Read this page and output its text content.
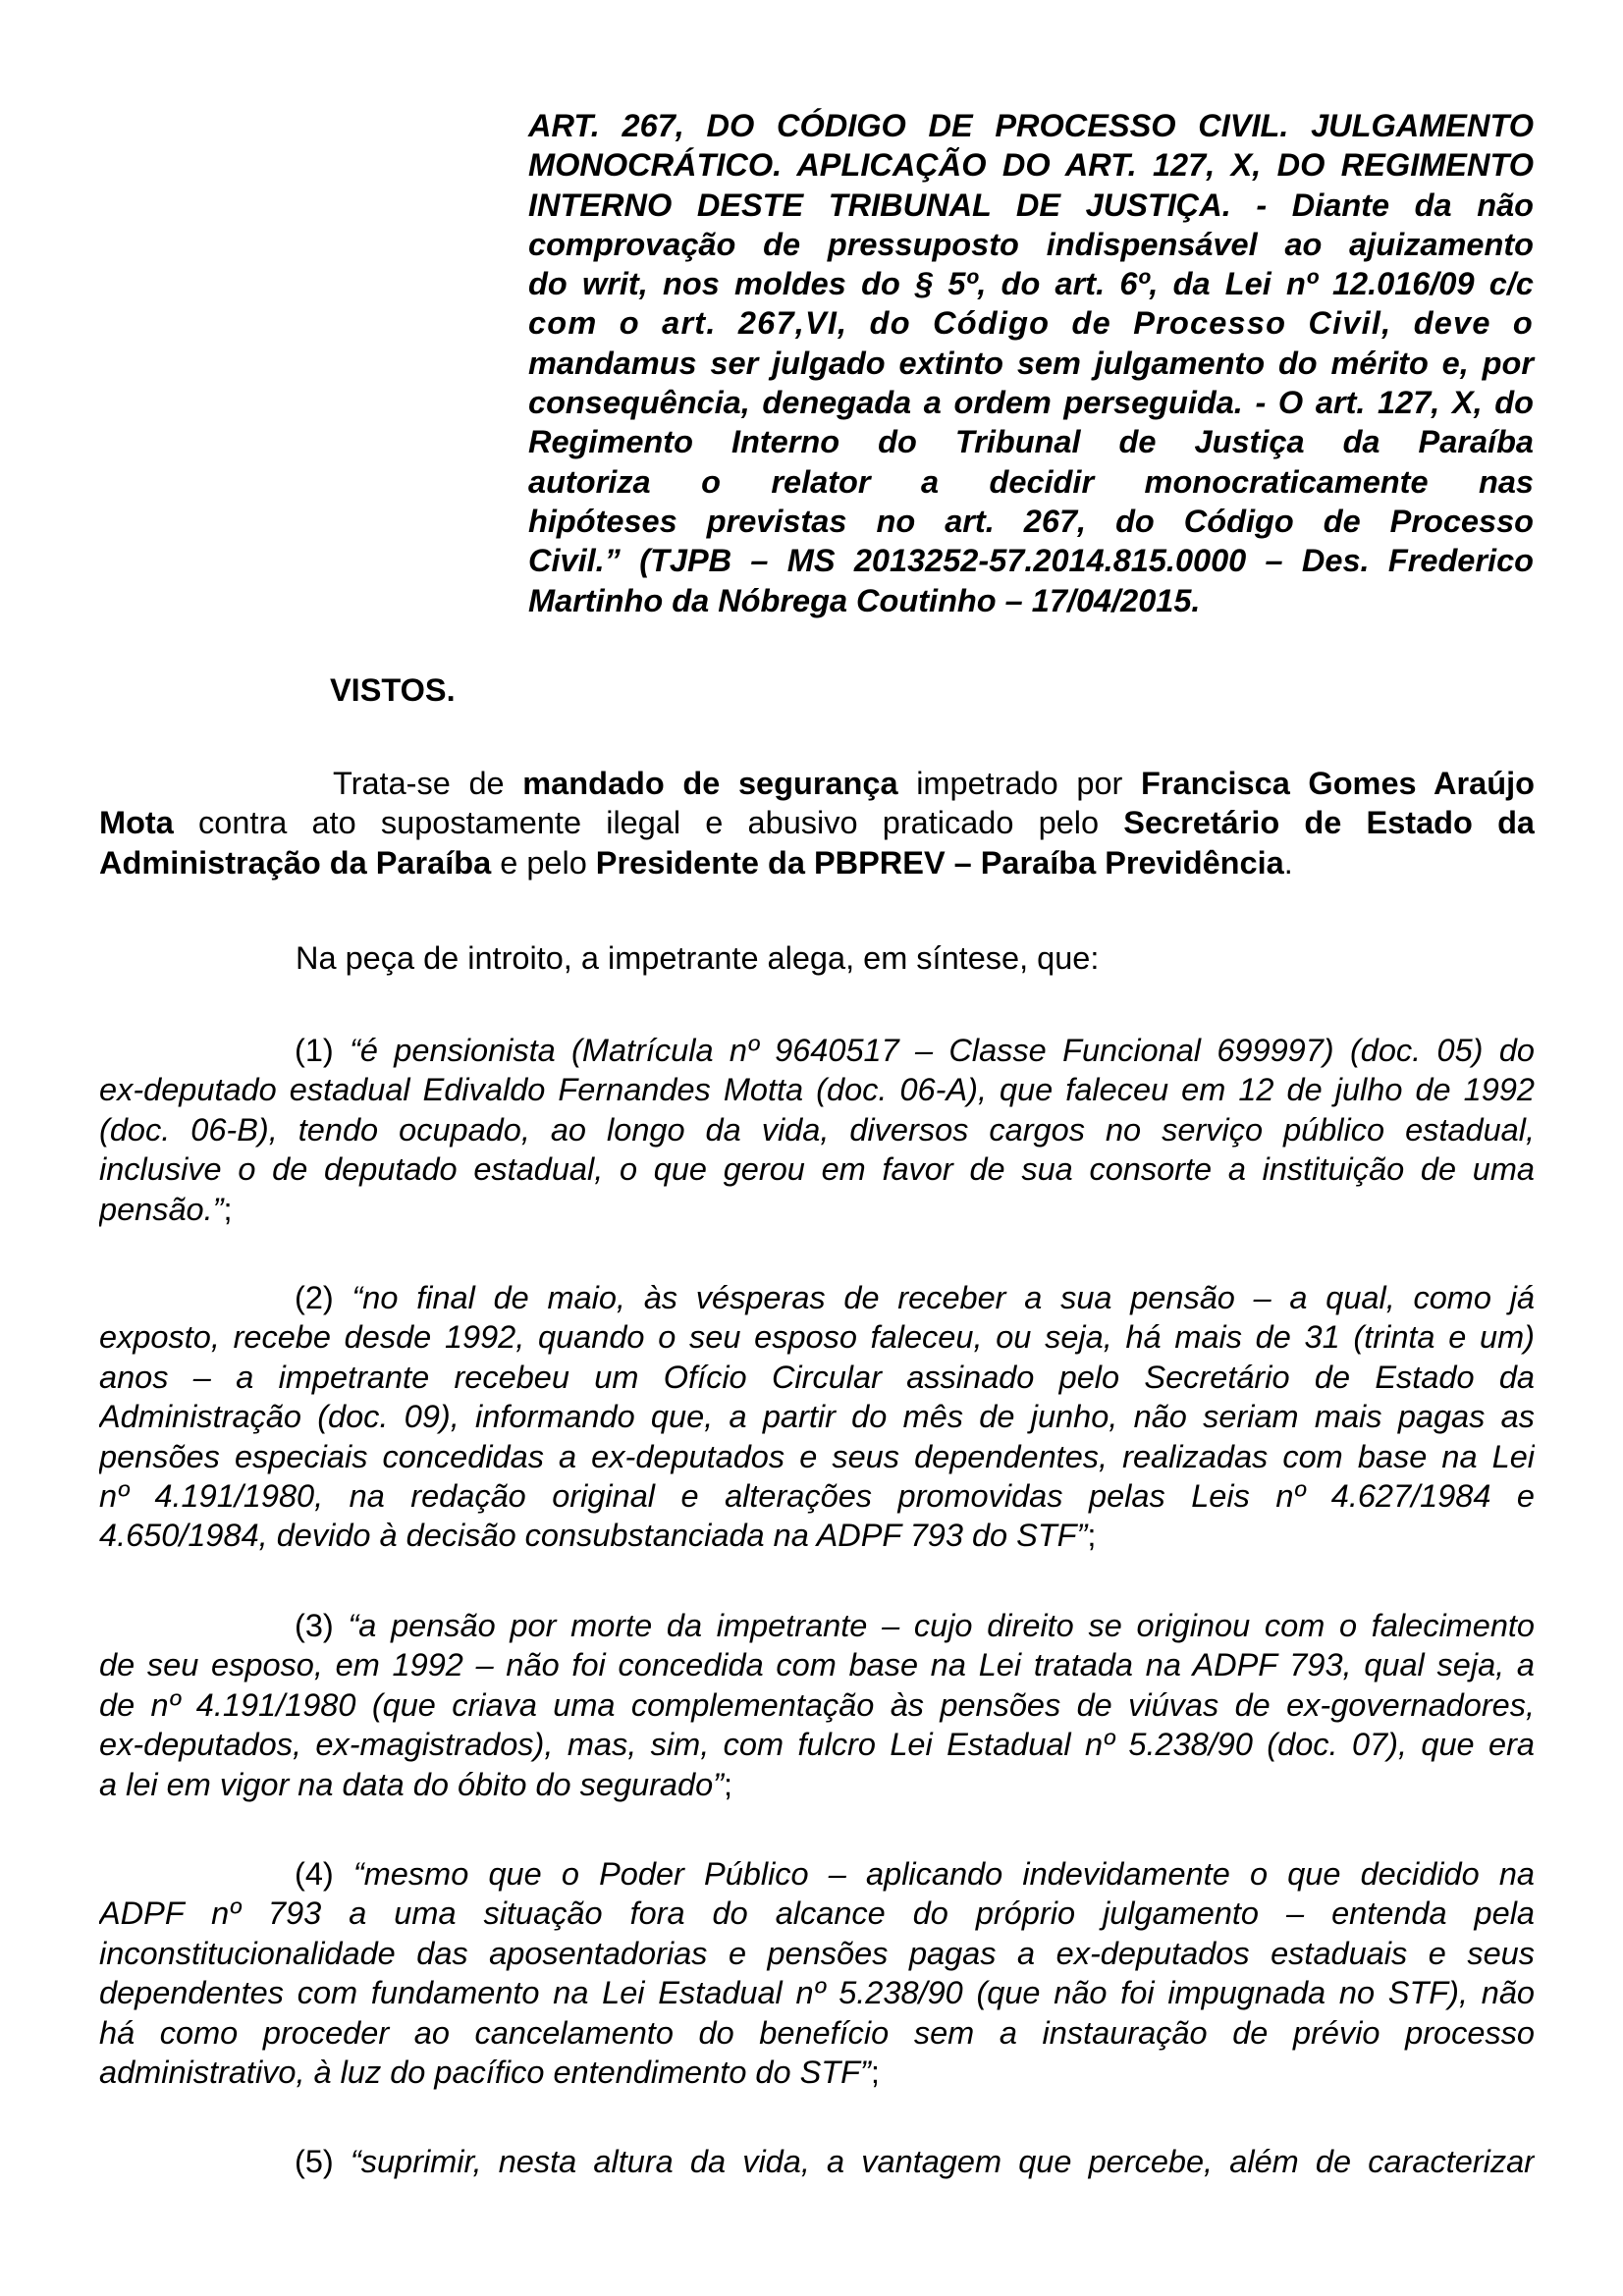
ART. 267, DO CÓDIGO DE PROCESSO CIVIL. JULGAMENTO
MONOCRÁTICO. APLICAÇÃO DO ART. 127, X, DO REGIMENTO
INTERNO DESTE TRIBUNAL DE JUSTIÇA. - Diante da não
comprovação de pressuposto indispensável ao ajuizamento
do writ, nos moldes do § 5º, do art. 6º, da Lei nº 12.016/09 c/c
com o art. 267,VI, do Código de Processo Civil, deve o
mandamus ser julgado extinto sem julgamento do mérito e, por
consequência, denegada a ordem perseguida. - O art. 127, X, do
Regimento Interno do Tribunal de Justiça da Paraíba
autoriza o relator a decidir monocraticamente nas
hipóteses previstas no art. 267, do Código de Processo
Civil.” (TJPB – MS 2013252-57.2014.815.0000 – Des. Frederico
Martinho da Nóbrega Coutinho – 17/04/2015.
VISTOS.
Trata-se de mandado de segurança impetrado por Francisca Gomes Araújo
Mota contra ato supostamente ilegal e abusivo praticado pelo Secretário de Estado da
Administração da Paraíba e pelo Presidente da PBPREV – Paraíba Previdência.
Na peça de introito, a impetrante alega, em síntese, que:
(1) “é pensionista (Matrícula nº 9640517 – Classe Funcional 699997) (doc. 05) do
ex-deputado estadual Edivaldo Fernandes Motta (doc. 06-A), que faleceu em 12 de julho de 1992
(doc. 06-B), tendo ocupado, ao longo da vida, diversos cargos no serviço público estadual,
inclusive o de deputado estadual, o que gerou em favor de sua consorte a instituição de uma
pensão.”;
(2) “no final de maio, às vésperas de receber a sua pensão – a qual, como já
exposto, recebe desde 1992, quando o seu esposo faleceu, ou seja, há mais de 31 (trinta e um)
anos – a impetrante recebeu um Ofício Circular assinado pelo Secretário de Estado da
Administração (doc. 09), informando que, a partir do mês de junho, não seriam mais pagas as
pensões especiais concedidas a ex-deputados e seus dependentes, realizadas com base na Lei
nº 4.191/1980, na redação original e alterações promovidas pelas Leis nº 4.627/1984 e
4.650/1984, devido à decisão consubstanciada na ADPF 793 do STF”;
(3) “a pensão por morte da impetrante – cujo direito se originou com o falecimento
de seu esposo, em 1992 – não foi concedida com base na Lei tratada na ADPF 793, qual seja, a
de nº 4.191/1980 (que criava uma complementação às pensões de viúvas de ex-governadores,
ex-deputados, ex-magistrados), mas, sim, com fulcro Lei Estadual nº 5.238/90 (doc. 07), que era
a lei em vigor na data do óbito do segurado”;
(4) “mesmo que o Poder Público – aplicando indevidamente o que decidido na
ADPF nº 793 a uma situação fora do alcance do próprio julgamento – entenda pela
inconstitucionalidade das aposentadorias e pensões pagas a ex-deputados estaduais e seus
dependentes com fundamento na Lei Estadual nº 5.238/90 (que não foi impugnada no STF), não
há como proceder ao cancelamento do benefício sem a instauração de prévio processo
administrativo, à luz do pacífico entendimento do STF”;
(5) “suprimir, nesta altura da vida, a vantagem que percebe, além de caracterizar
